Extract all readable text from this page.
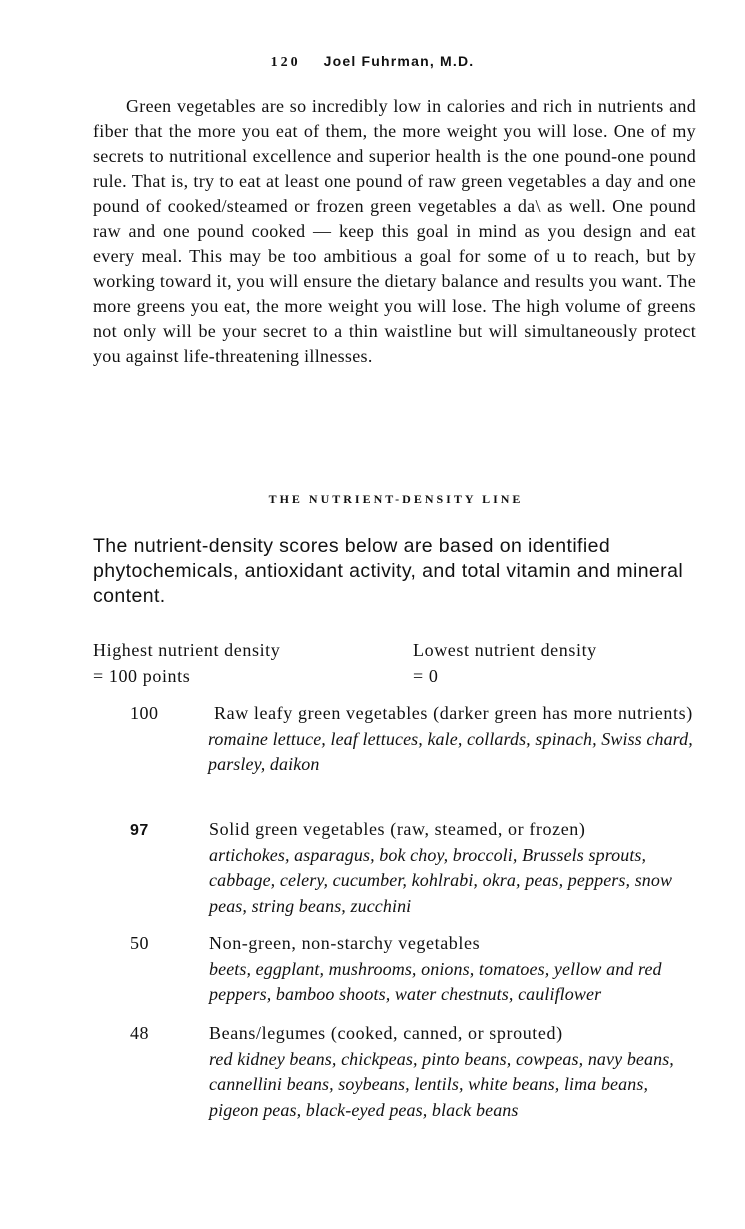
120 Joel Fuhrman, M.D.

Green vegetables are so incredibly low in calories and rich in nutrients and fiber that the more you eat of them, the more weight you will lose. One of my secrets to nutritional excellence and superior health is the one pound-one pound rule. That is, try to eat at least one pound of raw green vegetables a day and one pound of cooked/steamed or frozen green vegetables a da\ as well. One pound raw and one pound cooked — keep this goal in mind as you design and eat every meal. This may be too ambitious a goal for some of u to reach, but by working toward it, you will ensure the dietary balance and results you want. The more greens you eat, the more weight you will lose. The high volume of greens not only will be your secret to a thin waistline but will simultaneously protect you against life-threatening illnesses.

THE NUTRIENT-DENSITY LINE

The nutrient-density scores below are based on identified phytochemicals, antioxidant activity, and total vitamin and mineral content.

Highest nutrient density
= 100 points
Lowest nutrient density
= 0
100	Raw leafy green vegetables (darker green has more nutrients)
romaine lettuce, leaf lettuces, kale, collards, spinach, Swiss chard, parsley, daikon
97	Solid green vegetables (raw, steamed, or frozen)
artichokes, asparagus, bok choy, broccoli, Brussels sprouts, cabbage, celery, cucumber, kohlrabi, okra, peas, peppers, snow peas, string beans, zucchini
50	Non-green, non-starchy vegetables
beets, eggplant, mushrooms, onions, tomatoes, yellow and red peppers, bamboo shoots, water chestnuts, cauliflower
48	Beans/legumes (cooked, canned, or sprouted)
red kidney beans, chickpeas, pinto beans, cowpeas, navy beans, cannellini beans, soybeans, lentils, white beans, lima beans, pigeon peas, black-eyed peas, black beans
